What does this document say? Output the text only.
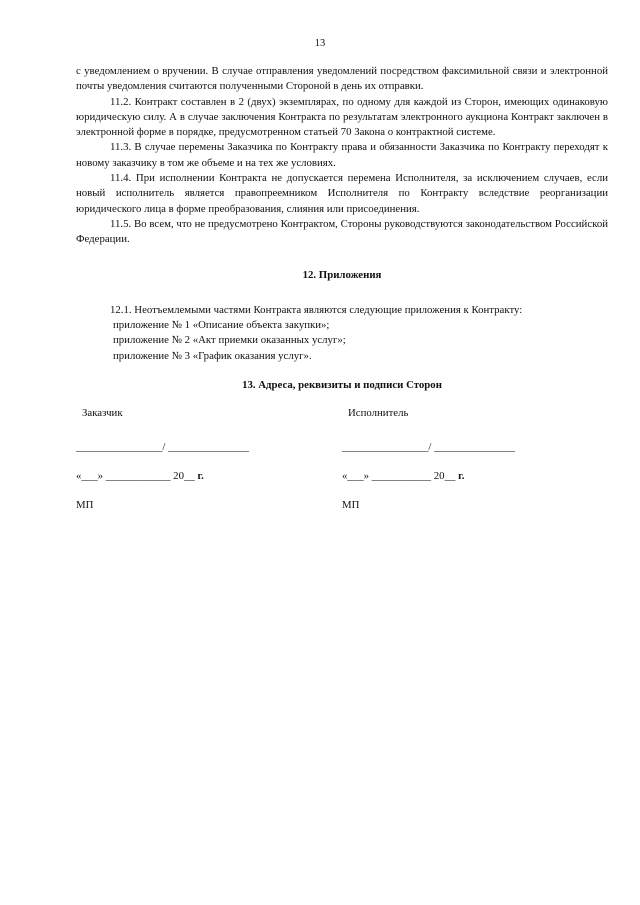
13

с уведомлением о вручении. В случае отправления уведомлений посредством факсимильной связи и электронной почты уведомления считаются полученными Стороной в день их отправки.

11.2. Контракт составлен в 2 (двух) экземплярах, по одному для каждой из Сторон, имеющих одинаковую юридическую силу. А в случае заключения Контракта по результатам электронного аукциона Контракт заключен в электронной форме в порядке, предусмотренном статьей 70 Закона о контрактной системе.

11.3. В случае перемены Заказчика по Контракту права и обязанности Заказчика по Контракту переходят к новому заказчику в том же объеме и на тех же условиях.

11.4. При исполнении Контракта не допускается перемена Исполнителя, за исключением случаев, если новый исполнитель является правопреемником Исполнителя по Контракту вследствие реорганизации юридического лица в форме преобразования, слияния или присоединения.

11.5. Во всем, что не предусмотрено Контрактом, Стороны руководствуются законодательством Российской Федерации.

12. Приложения

12.1. Неотъемлемыми частями Контракта являются следующие приложения к Контракту:

приложение № 1 «Описание объекта закупки»;

приложение № 2 «Акт приемки оказанных услуг»;

приложение № 3 «График оказания услуг».

13. Адреса, реквизиты и подписи Сторон

Заказчик

________________/ _______________

«___» ____________ 20__ г.

МП

Исполнитель

________________/ _______________

«___» ___________ 20__ г.

МП
